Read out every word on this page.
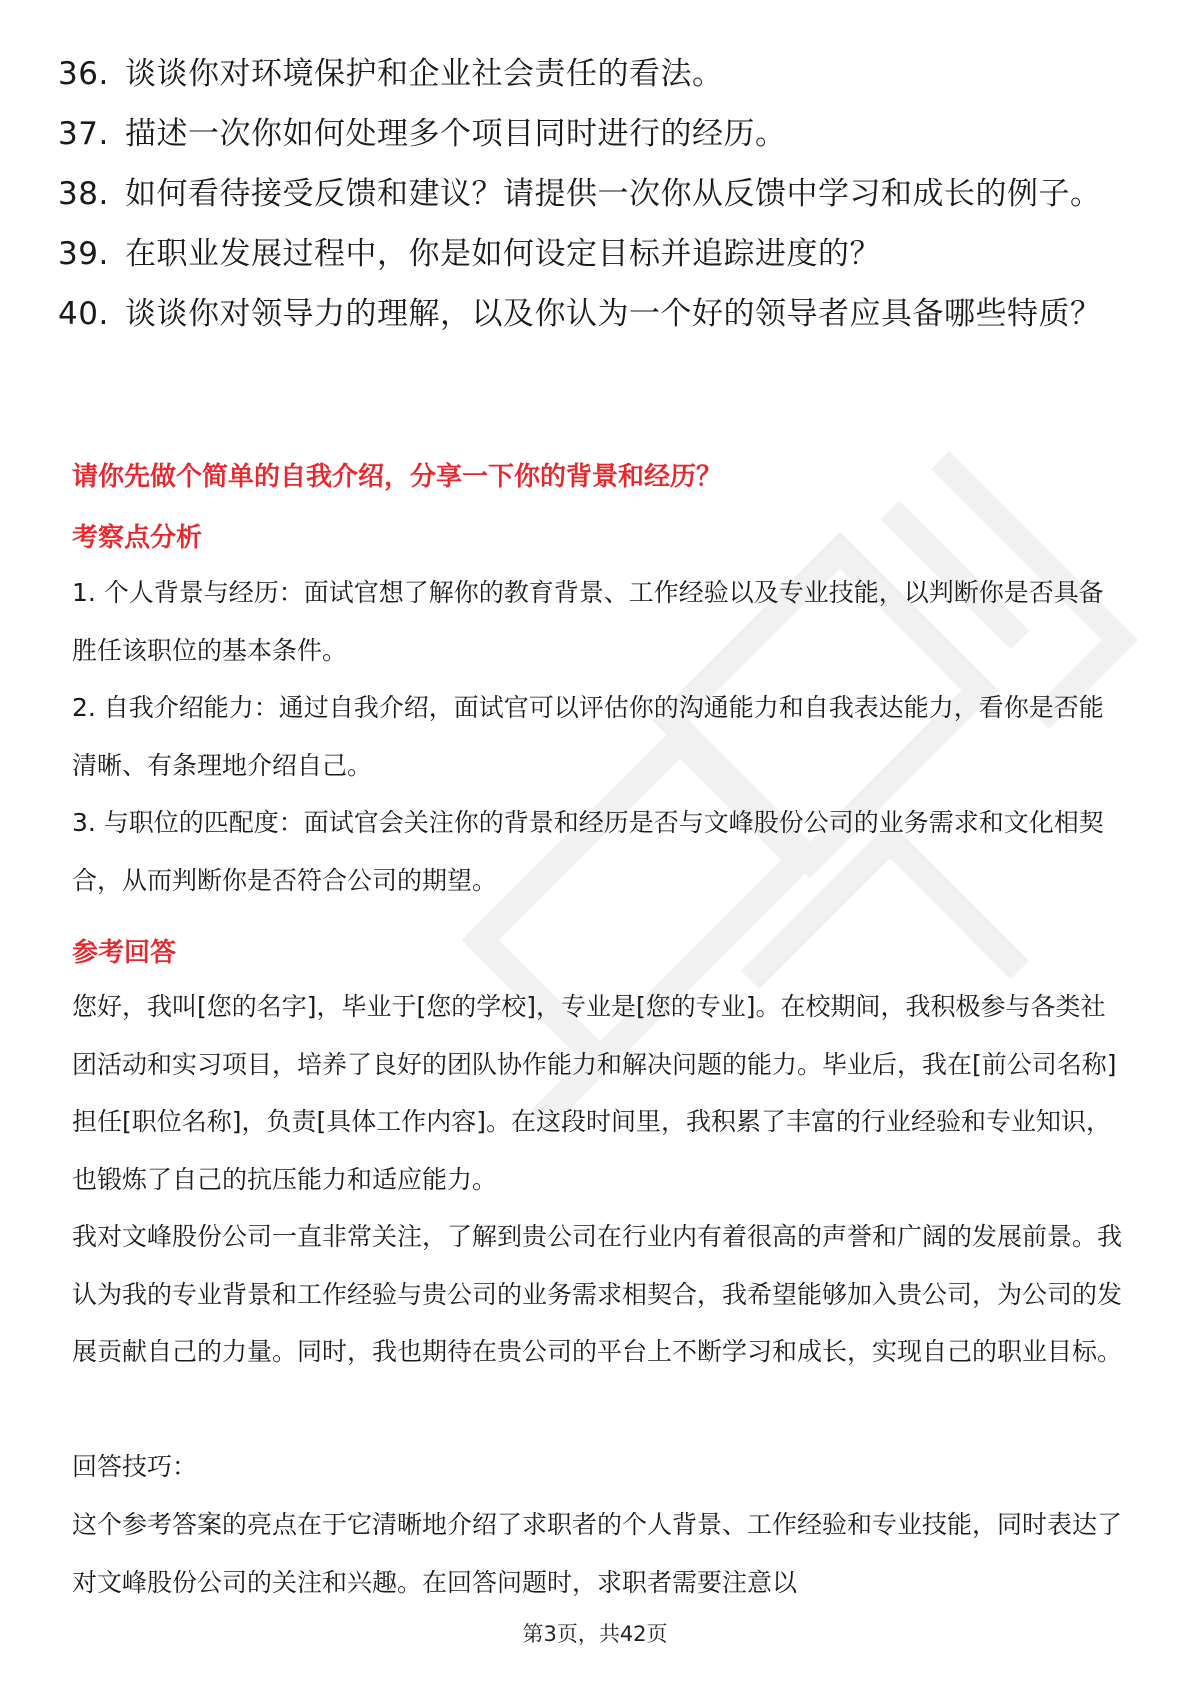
36. 谈谈你对环境保护和企业社会责任的看法。
37. 描述一次你如何处理多个项目同时进行的经历。
38. 如何看待接受反馈和建议？请提供一次你从反馈中学习和成长的例子。
39. 在职业发展过程中，你是如何设定目标并追踪进度的？
40. 谈谈你对领导力的理解，以及你认为一个好的领导者应具备哪些特质？
请你先做个简单的自我介绍，分享一下你的背景和经历？
考察点分析

1. 个人背景与经历：面试官想了解你的教育背景、工作经验以及专业技能，以判断你是否具备胜任该职位的基本条件。

2. 自我介绍能力：通过自我介绍，面试官可以评估你的沟通能力和自我表达能力，看你是否能清晰、有条理地介绍自己。

3. 与职位的匹配度：面试官会关注你的背景和经历是否与文峰股份公司的业务需求和文化相契合，从而判断你是否符合公司的期望。

参考回答

您好，我叫[您的名字]，毕业于[您的学校]，专业是[您的专业]。在校期间，我积极参与各类社团活动和实习项目，培养了良好的团队协作能力和解决问题的能力。毕业后，我在[前公司名称]担任[职位名称]，负责[具体工作内容]。在这段时间里，我积累了丰富的行业经验和专业知识，也锻炼了自己的抗压能力和适应能力。

我对文峰股份公司一直非常关注，了解到贵公司在行业内有着很高的声誉和广阔的发展前景。我认为我的专业背景和工作经验与贵公司的业务需求相契合，我希望能够加入贵公司，为公司的发展贡献自己的力量。同时，我也期待在贵公司的平台上不断学习和成长，实现自己的职业目标。

回答技巧：

这个参考答案的亮点在于它清晰地介绍了求职者的个人背景、工作经验和专业技能，同时表达了对文峰股份公司的关注和兴趣。在回答问题时，求职者需要注意以

第3页，共42页
